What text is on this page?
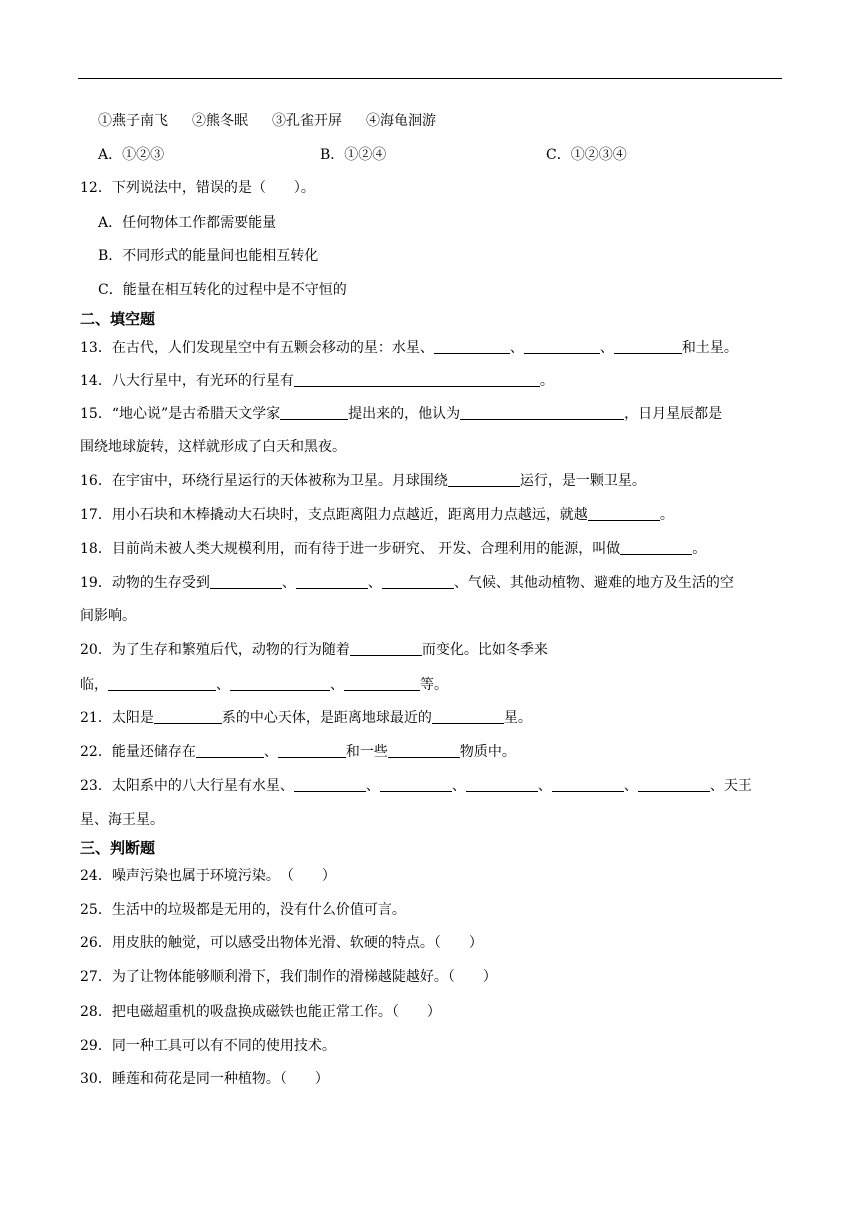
①燕子南飞 ②熊冬眠 ③孔雀开屏 ④海龟洄游
A．①②③	B．①②④	C．①②③④
12．下列说法中，错误的是（　　）。
A．任何物体工作都需要能量
B．不同形式的能量间也能相互转化
C．能量在相互转化的过程中是不守恒的
二、填空题
13．在古代，人们发现星空中有五颗会移动的星：水星、	、	、	和土星。
14．八大行星中，有光环的行星有	。
15．“地心说”是古希腊天文学家	提出来的，他认为	，日月星辰都是
围绕地球旋转，这样就形成了白天和黑夜。
16．在宇宙中，环绕行星运行的天体被称为卫星。月球围绕	运行，是一颗卫星。
17．用小石块和木棒撬动大石块时，支点距离阻力点越近，距离用力点越远，就越	。
18．目前尚未被人类大规模利用，而有待于进一步研究、 开发、合理利用的能源，叫做	。
19．动物的生存受到	、	、	、气候、其他动植物、避难的地方及生活的空
间影响。
20．为了生存和繁殖后代，动物的行为随着	而变化。比如冬季来
临，	、	、	等。
21．太阳是	系的中心天体，是距离地球最近的	星。
22．能量还储存在	、	和一些	物质中。
23．太阳系中的八大行星有水星、	、	、	、	、	、天王
星、海王星。
三、判断题
24．噪声污染也属于环境污染。　（　　）
25．生活中的垃圾都是无用的，没有什么价值可言。
26．用皮肤的触觉，可以感受出物体光滑、软硬的特点。（　　）
27．为了让物体能够顺利滑下，我们制作的滑梯越陡越好。（　　）
28．把电磁超重机的吸盘换成磁铁也能正常工作。（　　）
29．同一种工具可以有不同的使用技术。
30．睡莲和荷花是同一种植物。（　　）
